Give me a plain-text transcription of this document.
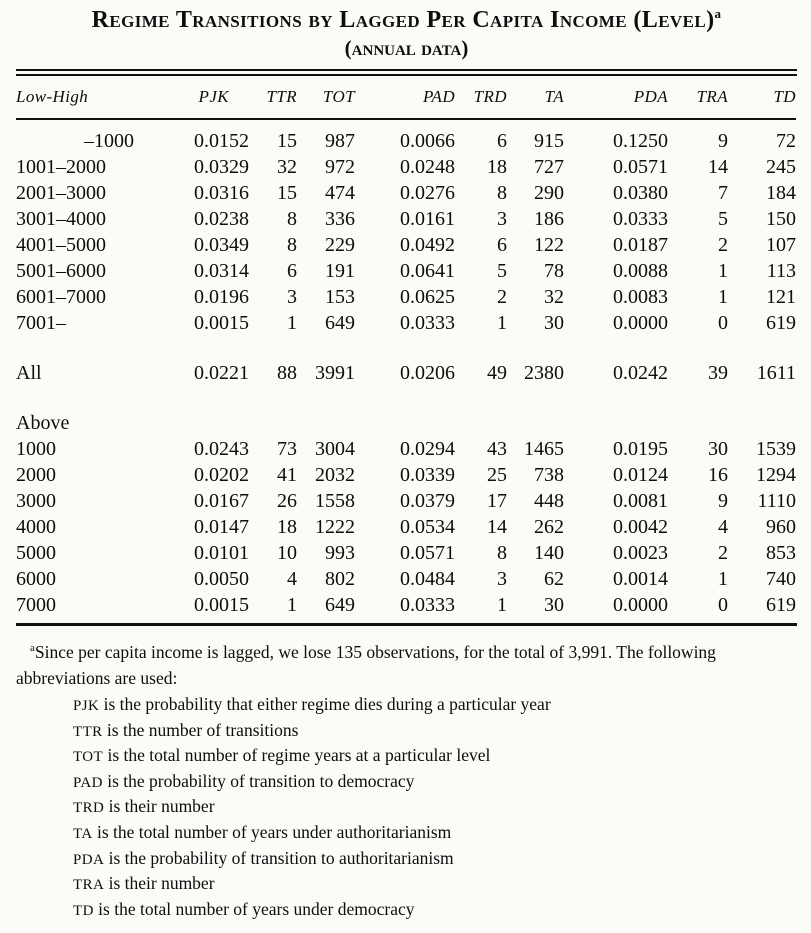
Regime Transitions by Lagged Per Capita Income (Level)$^a$
(annual data)
Low-High	PJK	TTR	TOT	PAD	TRD	TA	PDA	TRA	TD
–1000	0.0152	15	987	0.0066	6	915	0.1250	9	72
1001–2000	0.0329	32	972	0.0248	18	727	0.0571	14	245
2001–3000	0.0316	15	474	0.0276	8	290	0.0380	7	184
3001–4000	0.0238	8	336	0.0161	3	186	0.0333	5	150
4001–5000	0.0349	8	229	0.0492	6	122	0.0187	2	107
5001–6000	0.0314	6	191	0.0641	5	78	0.0088	1	113
6001–7000	0.0196	3	153	0.0625	2	32	0.0083	1	121
7001–	0.0015	1	649	0.0333	1	30	0.0000	0	619

All	0.0221	88	3991	0.0206	49	2380	0.0242	39	1611

Above									
1000	0.0243	73	3004	0.0294	43	1465	0.0195	30	1539
2000	0.0202	41	2032	0.0339	25	738	0.0124	16	1294
3000	0.0167	26	1558	0.0379	17	448	0.0081	9	1110
4000	0.0147	18	1222	0.0534	14	262	0.0042	4	960
5000	0.0101	10	993	0.0571	8	140	0.0023	2	853
6000	0.0050	4	802	0.0484	3	62	0.0014	1	740
7000	0.0015	1	649	0.0333	1	30	0.0000	0	619

$^a$Since per capita income is lagged, we lose 135 observations, for the total of 3,991. The following abbreviations are used:

PJK is the probability that either regime dies during a particular year
TTR is the number of transitions
TOT is the total number of regime years at a particular level
PAD is the probability of transition to democracy
TRD is their number
TA is the total number of years under authoritarianism
PDA is the probability of transition to authoritarianism
TRA is their number
TD is the total number of years under democracy
